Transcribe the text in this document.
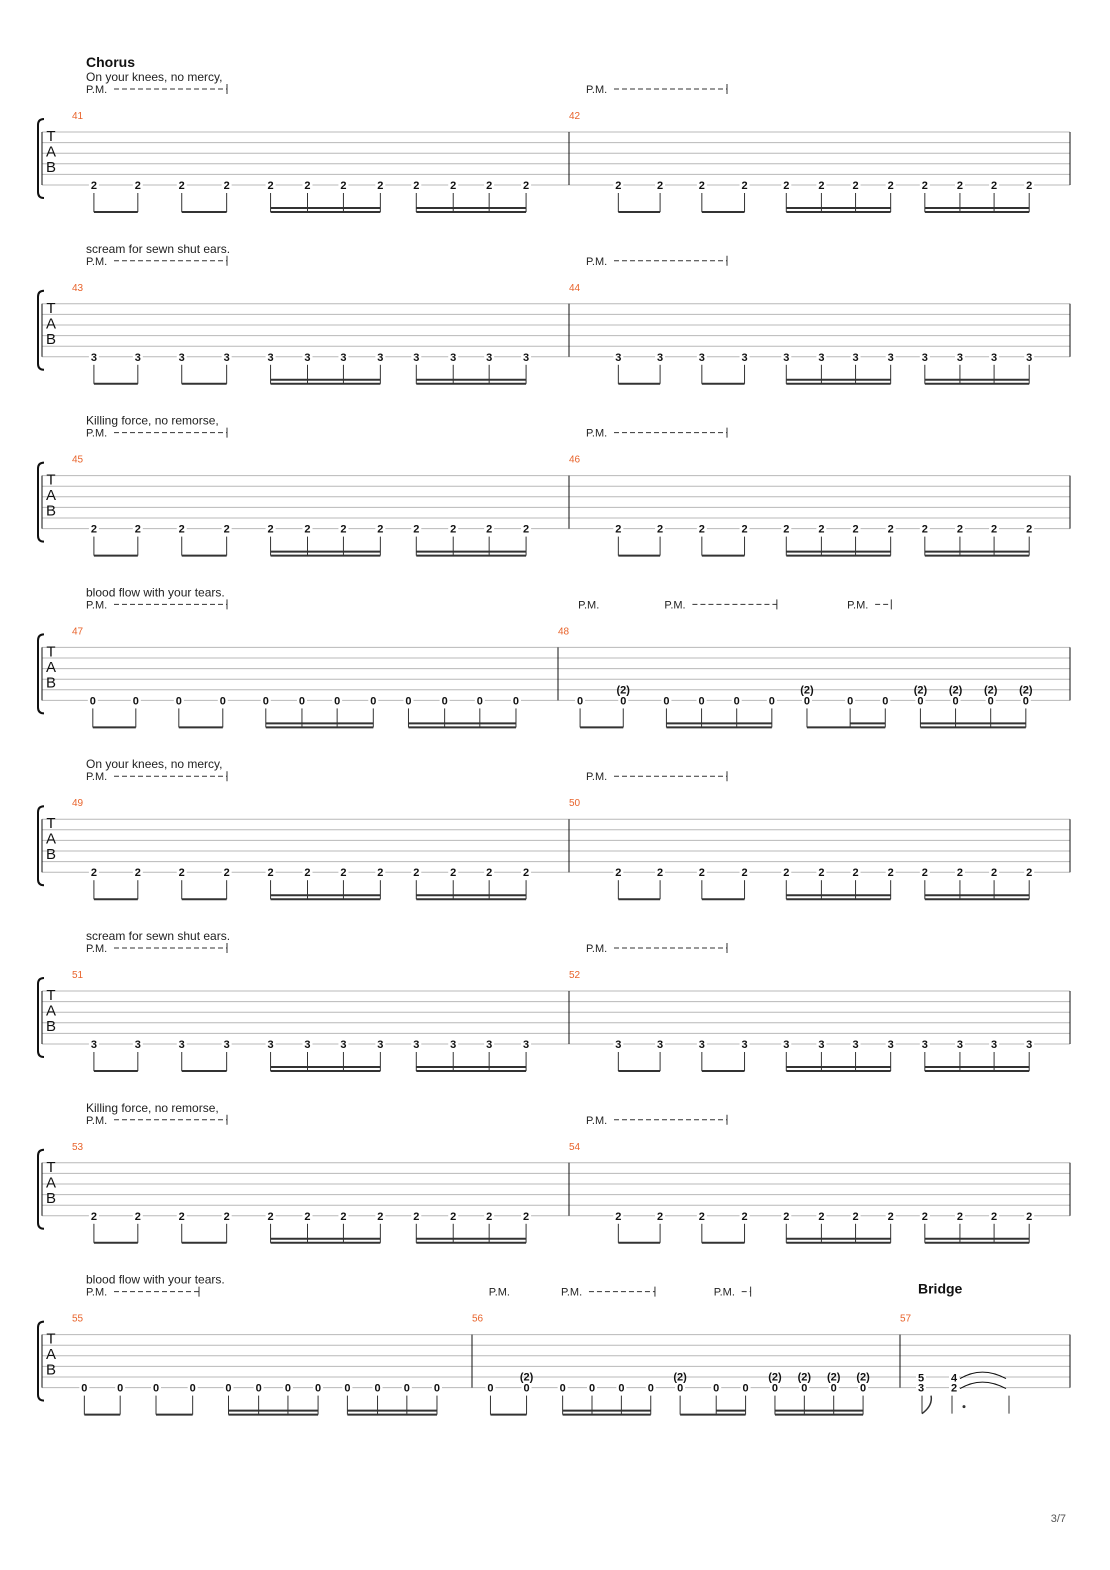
3/7
T
A
B
Chorus
On your knees, no mercy,
41
2	2	2	2	2	2	2	2	2	2	2	2
P.M.
42
2	2	2	2	2	2	2	2	2	2	2	2
P.M.
T
A
B
scream for sewn shut ears.
43
3	3	3	3	3	3	3	3	3	3	3	3
P.M.
44
3	3	3	3	3	3	3	3	3	3	3	3
P.M.
T
A
B
Killing force, no remorse,
45
2	2	2	2	2	2	2	2	2	2	2	2
P.M.
46
2	2	2	2	2	2	2	2	2	2	2	2
P.M.
T
A
B
blood flow with your tears.
47
0	0	0	0	0	0	0	0	0	0	0	0
P.M.
48
0	0
(2)
0	0	0	0	0
(2)
0	0	0
(2)
0
(2)
0
(2)
0
(2)
P.M.	P.M.	P.M.
T
A
B
On your knees, no mercy,
49
2	2	2	2	2	2	2	2	2	2	2	2
P.M.
50
2	2	2	2	2	2	2	2	2	2	2	2
P.M.
T
A
B
scream for sewn shut ears.
51
3	3	3	3	3	3	3	3	3	3	3	3
P.M.
52
3	3	3	3	3	3	3	3	3	3	3	3
P.M.
T
A
B
Killing force, no remorse,
53
2	2	2	2	2	2	2	2	2	2	2	2
P.M.
54
2	2	2	2	2	2	2	2	2	2	2	2
P.M.
T
A
B
blood flow with your tears.
55
0	0	0	0	0 0 0 0 0 0 0 0
P.M.
56
0	0
(2)
0 0 0 0 0
(2)
0 0 0
(2)
0
(2)
0
(2)
0
(2)
P.M.	P.M.	P.M.
57
Bridge
5
3
4
2
